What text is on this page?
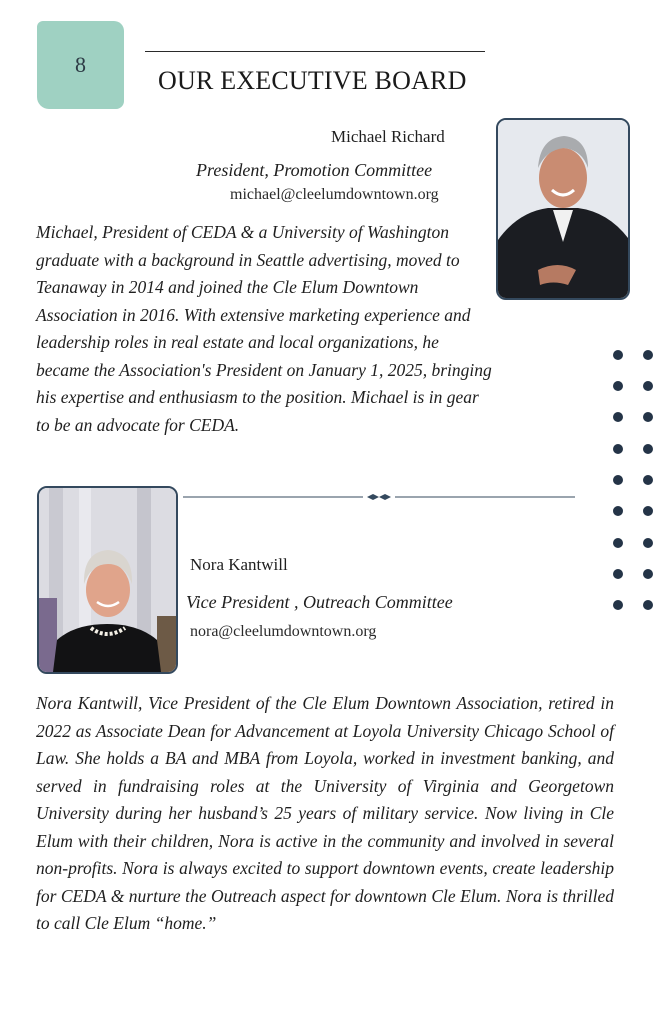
8
OUR EXECUTIVE BOARD
Michael Richard
President, Promotion Committee
michael@cleelumdowntown.org

Michael, President of CEDA & a University of Washington graduate with a background in Seattle advertising, moved to Teanaway in 2014 and joined the Cle Elum Downtown Association in 2016. With extensive marketing experience and leadership roles in real estate and local organizations, he became the Association's President on January 1, 2025, bringing his expertise and enthusiasm to the position. Michael is in gear to be an advocate for CEDA.

Nora Kantwill
Vice President , Outreach Committee
nora@cleelumdowntown.org

Nora Kantwill, Vice President of the Cle Elum Downtown Association, retired in 2022 as Associate Dean for Advancement at Loyola University Chicago School of Law. She holds a BA and MBA from Loyola, worked in investment banking, and served in fundraising roles at the University of Virginia and Georgetown University during her husband’s 25 years of military service. Now living in Cle Elum with their children, Nora is active in the community and involved in several non-profits. Nora is always excited to support downtown events, create leadership for CEDA & nurture the Outreach aspect for downtown Cle Elum. Nora is thrilled to call Cle Elum “home.”
